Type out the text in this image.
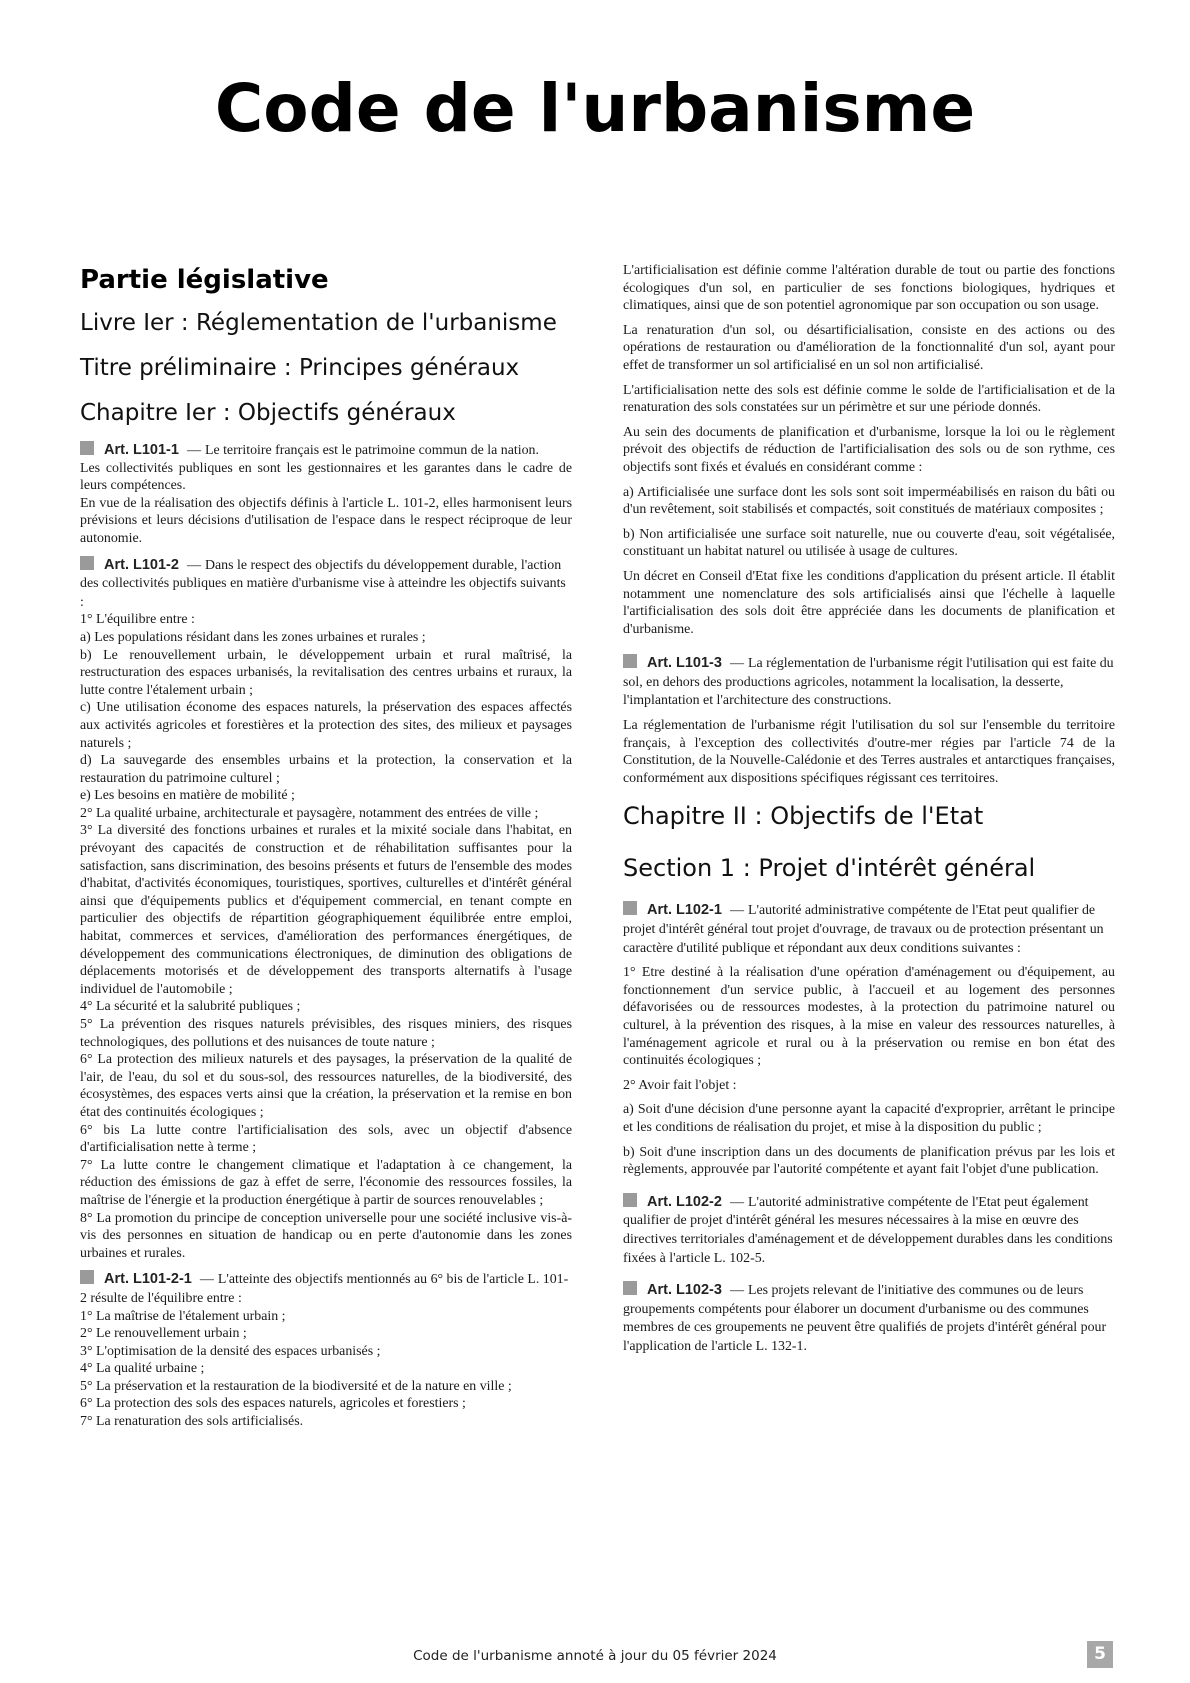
Code de l'urbanisme
Partie législative
Livre Ier : Réglementation de l'urbanisme
Titre préliminaire : Principes généraux
Chapitre Ier : Objectifs généraux
Art. L101-1 — Le territoire français est le patrimoine commun de la nation.
Les collectivités publiques en sont les gestionnaires et les garantes dans le cadre de leurs compétences.
En vue de la réalisation des objectifs définis à l'article L. 101-2, elles harmonisent leurs prévisions et leurs décisions d'utilisation de l'espace dans le respect réciproque de leur autonomie.
Art. L101-2 — Dans le respect des objectifs du développement durable, l'action des collectivités publiques en matière d'urbanisme vise à atteindre les objectifs suivants :
1° L'équilibre entre :
a) Les populations résidant dans les zones urbaines et rurales ;
b) Le renouvellement urbain, le développement urbain et rural maîtrisé, la restructuration des espaces urbanisés, la revitalisation des centres urbains et ruraux, la lutte contre l'étalement urbain ;
c) Une utilisation économe des espaces naturels, la préservation des espaces affectés aux activités agricoles et forestières et la protection des sites, des milieux et paysages naturels ;
d) La sauvegarde des ensembles urbains et la protection, la conservation et la restauration du patrimoine culturel ;
e) Les besoins en matière de mobilité ;
2° La qualité urbaine, architecturale et paysagère, notamment des entrées de ville ;
3° La diversité des fonctions urbaines et rurales et la mixité sociale dans l'habitat, en prévoyant des capacités de construction et de réhabilitation suffisantes pour la satisfaction, sans discrimination, des besoins présents et futurs de l'ensemble des modes d'habitat, d'activités économiques, touristiques, sportives, culturelles et d'intérêt général ainsi que d'équipements publics et d'équipement commercial, en tenant compte en particulier des objectifs de répartition géographiquement équilibrée entre emploi, habitat, commerces et services, d'amélioration des performances énergétiques, de développement des communications électroniques, de diminution des obligations de déplacements motorisés et de développement des transports alternatifs à l'usage individuel de l'automobile ;
4° La sécurité et la salubrité publiques ;
5° La prévention des risques naturels prévisibles, des risques miniers, des risques technologiques, des pollutions et des nuisances de toute nature ;
6° La protection des milieux naturels et des paysages, la préservation de la qualité de l'air, de l'eau, du sol et du sous-sol, des ressources naturelles, de la biodiversité, des écosystèmes, des espaces verts ainsi que la création, la préservation et la remise en bon état des continuités écologiques ;
6° bis La lutte contre l'artificialisation des sols, avec un objectif d'absence d'artificialisation nette à terme ;
7° La lutte contre le changement climatique et l'adaptation à ce changement, la réduction des émissions de gaz à effet de serre, l'économie des ressources fossiles, la maîtrise de l'énergie et la production énergétique à partir de sources renouvelables ;
8° La promotion du principe de conception universelle pour une société inclusive vis-à-vis des personnes en situation de handicap ou en perte d'autonomie dans les zones urbaines et rurales.
Art. L101-2-1 — L'atteinte des objectifs mentionnés au 6° bis de l'article L. 101-2 résulte de l'équilibre entre :
1° La maîtrise de l'étalement urbain ;
2° Le renouvellement urbain ;
3° L'optimisation de la densité des espaces urbanisés ;
4° La qualité urbaine ;
5° La préservation et la restauration de la biodiversité et de la nature en ville ;
6° La protection des sols des espaces naturels, agricoles et forestiers ;
7° La renaturation des sols artificialisés.

L'artificialisation est définie comme l'altération durable de tout ou partie des fonctions écologiques d'un sol, en particulier de ses fonctions biologiques, hydriques et climatiques, ainsi que de son potentiel agronomique par son occupation ou son usage.

La renaturation d'un sol, ou désartificialisation, consiste en des actions ou des opérations de restauration ou d'amélioration de la fonctionnalité d'un sol, ayant pour effet de transformer un sol artificialisé en un sol non artificialisé.

L'artificialisation nette des sols est définie comme le solde de l'artificialisation et de la renaturation des sols constatées sur un périmètre et sur une période donnés.

Au sein des documents de planification et d'urbanisme, lorsque la loi ou le règlement prévoit des objectifs de réduction de l'artificialisation des sols ou de son rythme, ces objectifs sont fixés et évalués en considérant comme :

a) Artificialisée une surface dont les sols sont soit imperméabilisés en raison du bâti ou d'un revêtement, soit stabilisés et compactés, soit constitués de matériaux composites ;

b) Non artificialisée une surface soit naturelle, nue ou couverte d'eau, soit végétalisée, constituant un habitat naturel ou utilisée à usage de cultures.

Un décret en Conseil d'Etat fixe les conditions d'application du présent article. Il établit notamment une nomenclature des sols artificialisés ainsi que l'échelle à laquelle l'artificialisation des sols doit être appréciée dans les documents de planification et d'urbanisme.

Art. L101-3 — La réglementation de l'urbanisme régit l'utilisation qui est faite du sol, en dehors des productions agricoles, notamment la localisation, la desserte, l'implantation et l'architecture des constructions.

La réglementation de l'urbanisme régit l'utilisation du sol sur l'ensemble du territoire français, à l'exception des collectivités d'outre-mer régies par l'article 74 de la Constitution, de la Nouvelle-Calédonie et des Terres australes et antarctiques françaises, conformément aux dispositions spécifiques régissant ces territoires.

Chapitre II : Objectifs de l'Etat
Section 1 : Projet d'intérêt général
Art. L102-1 — L'autorité administrative compétente de l'Etat peut qualifier de projet d'intérêt général tout projet d'ouvrage, de travaux ou de protection présentant un caractère d'utilité publique et répondant aux deux conditions suivantes :

1° Etre destiné à la réalisation d'une opération d'aménagement ou d'équipement, au fonctionnement d'un service public, à l'accueil et au logement des personnes défavorisées ou de ressources modestes, à la protection du patrimoine naturel ou culturel, à la prévention des risques, à la mise en valeur des ressources naturelles, à l'aménagement agricole et rural ou à la préservation ou remise en bon état des continuités écologiques ;

2° Avoir fait l'objet :

a) Soit d'une décision d'une personne ayant la capacité d'exproprier, arrêtant le principe et les conditions de réalisation du projet, et mise à la disposition du public ;

b) Soit d'une inscription dans un des documents de planification prévus par les lois et règlements, approuvée par l'autorité compétente et ayant fait l'objet d'une publication.

Art. L102-2 — L'autorité administrative compétente de l'Etat peut également qualifier de projet d'intérêt général les mesures nécessaires à la mise en œuvre des directives territoriales d'aménagement et de développement durables dans les conditions fixées à l'article L. 102-5.
Art. L102-3 — Les projets relevant de l'initiative des communes ou de leurs groupements compétents pour élaborer un document d'urbanisme ou des communes membres de ces groupements ne peuvent être qualifiés de projets d'intérêt général pour l'application de l'article L. 132-1.
Code de l'urbanisme annoté à jour du 05 février 2024	5
